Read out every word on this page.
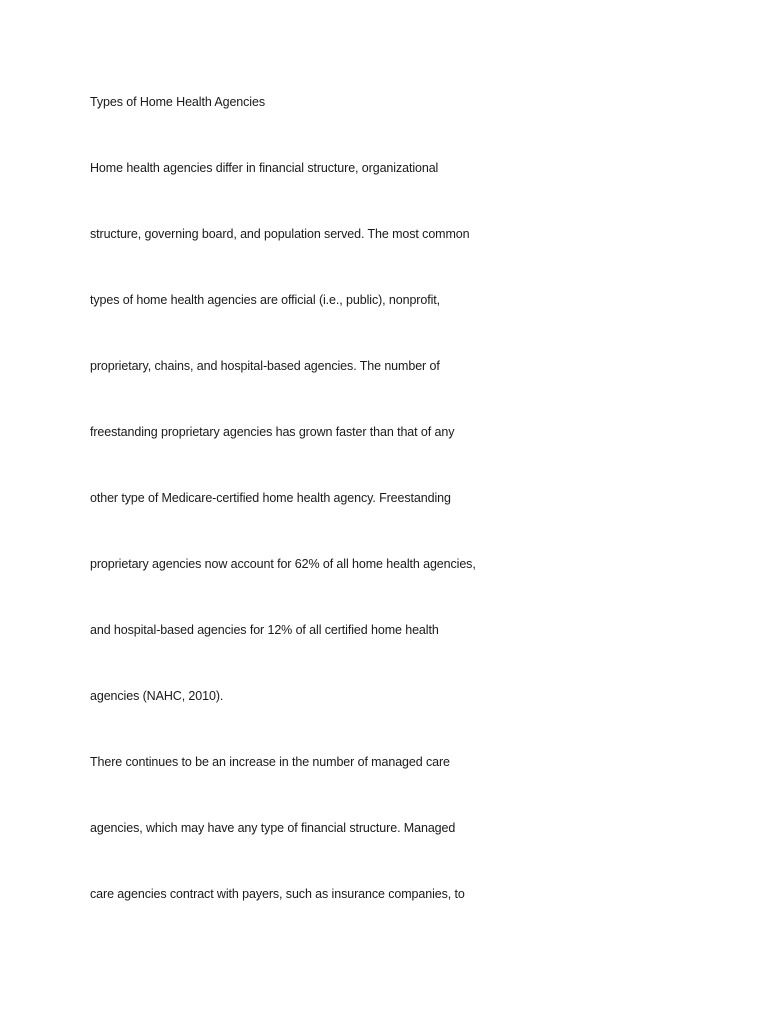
Types of Home Health Agencies
Home health agencies differ in financial structure, organizational
structure, governing board, and population served. The most common
types of home health agencies are official (i.e., public), nonprofit,
proprietary, chains, and hospital-based agencies. The number of
freestanding proprietary agencies has grown faster than that of any
other type of Medicare-certified home health agency. Freestanding
proprietary agencies now account for 62% of all home health agencies,
and hospital-based agencies for 12% of all certified home health
agencies (NAHC, 2010).
There continues to be an increase in the number of managed care
agencies, which may have any type of financial structure. Managed
care agencies contract with payers, such as insurance companies, to
